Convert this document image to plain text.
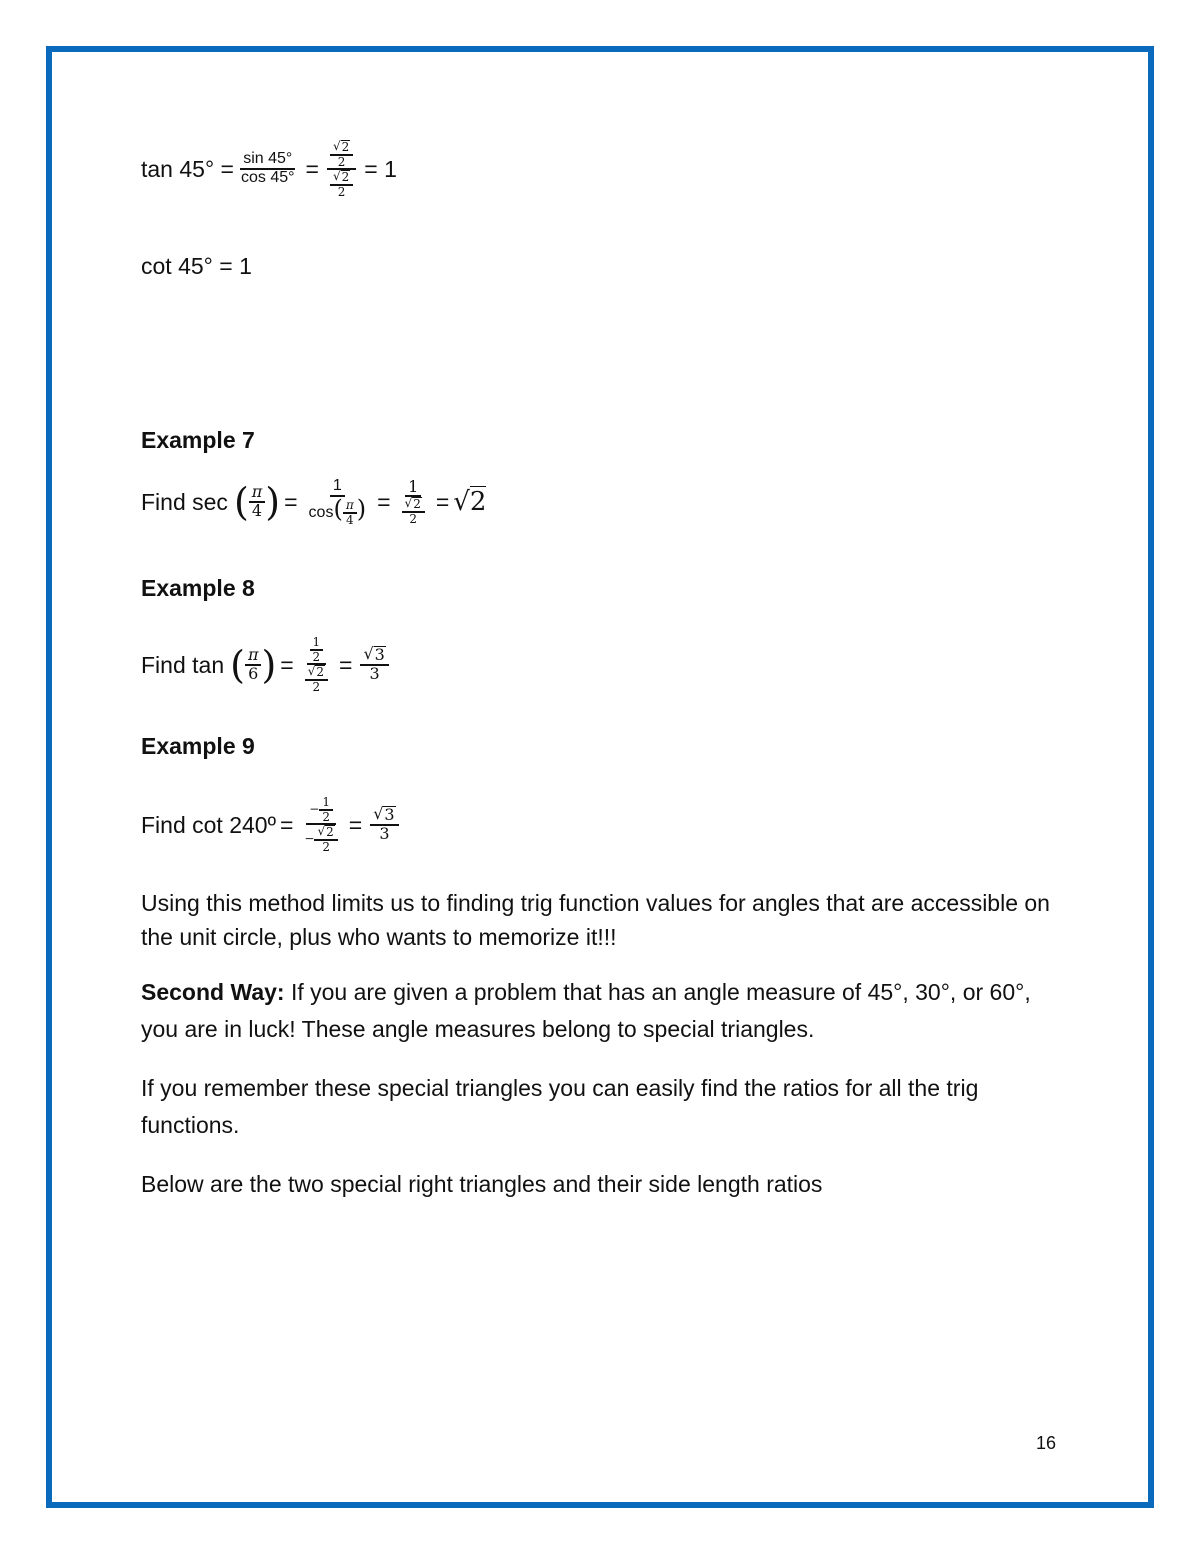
$\tan 45^\circ = \frac{\sin 45^\circ}{\cos 45^\circ} = \frac{\frac{√ 2}{2}}{\frac{√ 2}{2}} = 1$
cot 45° = 1
Example 7
Find sec ( $\frac{\pi}{4}$ ) = $\frac{1}{\cos( \frac{\pi}{4} )} = \frac{1}{\frac{√ 2}{2}} = √2$
Example 8
Find tan ( $\frac{\pi}{6}$ ) = $\frac{\frac{1}{2}}{\frac{√ 2}{2}} = \frac{√ 3}{3}$
Example 9
Find cot 240º = $\frac{- \frac{1}{2}}{- \frac{√ 2}{2}} = \frac{√ 3}{3}$
Using this method limits us to finding trig function values for angles that are accessible on the unit circle, plus who wants to memorize it!!!
Second Way: If you are given a problem that has an angle measure of 45°, 30°, or 60°, you are in luck! These angle measures belong to special triangles.
If you remember these special triangles you can easily find the ratios for all the trig functions.
Below are the two special right triangles and their side length ratios
16
